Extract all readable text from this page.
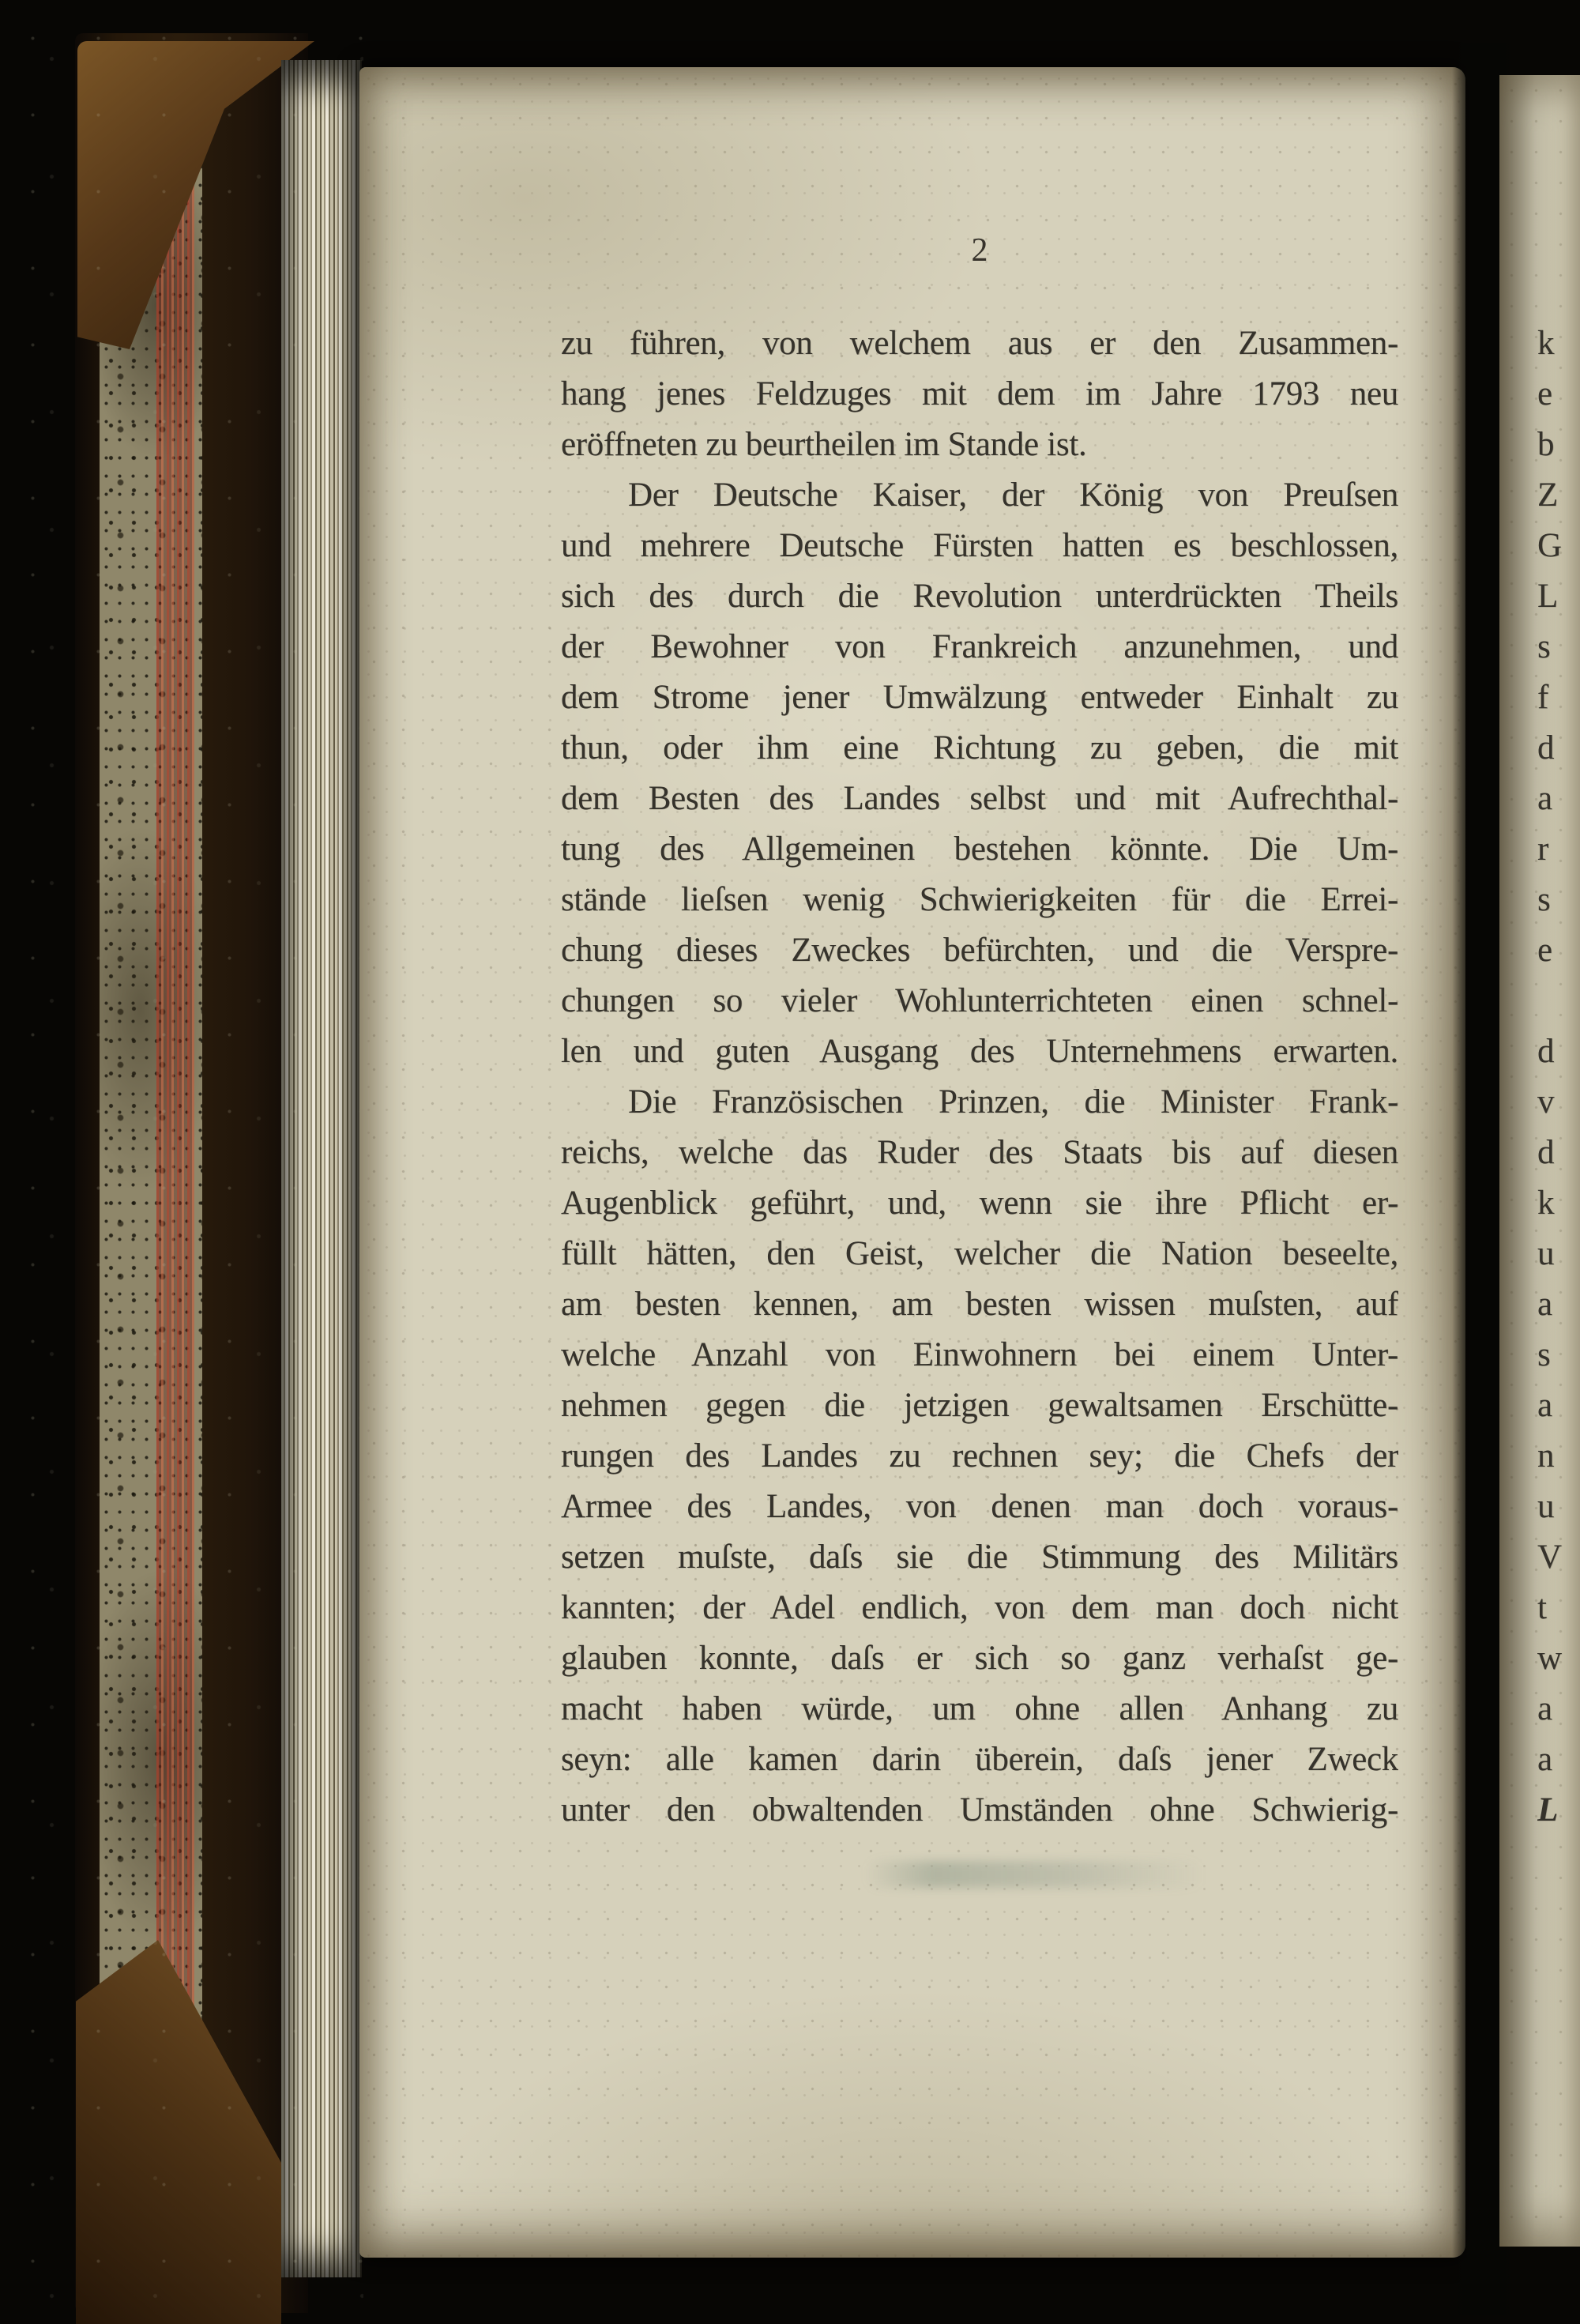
2
zu führen, von welchem aus er den Zusammen-
hang jenes Feldzuges mit dem im Jahre 1793 neu
eröffneten zu beurtheilen im Stande ist.
Der Deutsche Kaiser, der König von Preuſsen
und mehrere Deutsche Fürsten hatten es beschlossen,
sich des durch die Revolution unterdrückten Theils
der Bewohner von Frankreich anzunehmen, und
dem Strome jener Umwälzung entweder Einhalt zu
thun, oder ihm eine Richtung zu geben, die mit
dem Besten des Landes selbst und mit Aufrechthal-
tung des Allgemeinen bestehen könnte. Die Um-
stände lieſsen wenig Schwierigkeiten für die Errei-
chung dieses Zweckes befürchten, und die Verspre-
chungen so vieler Wohlunterrichteten einen schnel-
len und guten Ausgang des Unternehmens erwarten.
Die Französischen Prinzen, die Minister Frank-
reichs, welche das Ruder des Staats bis auf diesen
Augenblick geführt, und, wenn sie ihre Pflicht er-
füllt hätten, den Geist, welcher die Nation beseelte,
am besten kennen, am besten wissen muſsten, auf
welche Anzahl von Einwohnern bei einem Unter-
nehmen gegen die jetzigen gewaltsamen Erschütte-
rungen des Landes zu rechnen sey; die Chefs der
Armee des Landes, von denen man doch voraus-
setzen muſste, daſs sie die Stimmung des Militärs
kannten; der Adel endlich, von dem man doch nicht
glauben konnte, daſs er sich so ganz verhaſst ge-
macht haben würde, um ohne allen Anhang zu
seyn: alle kamen darin überein, daſs jener Zweck
unter den obwaltenden Umständen ohne Schwierig-
k
e
b
Z
G
L
s
f
d
a
r
s
e
d
v
d
k
u
a
s
a
n
u
V
t
w
a
a
L
